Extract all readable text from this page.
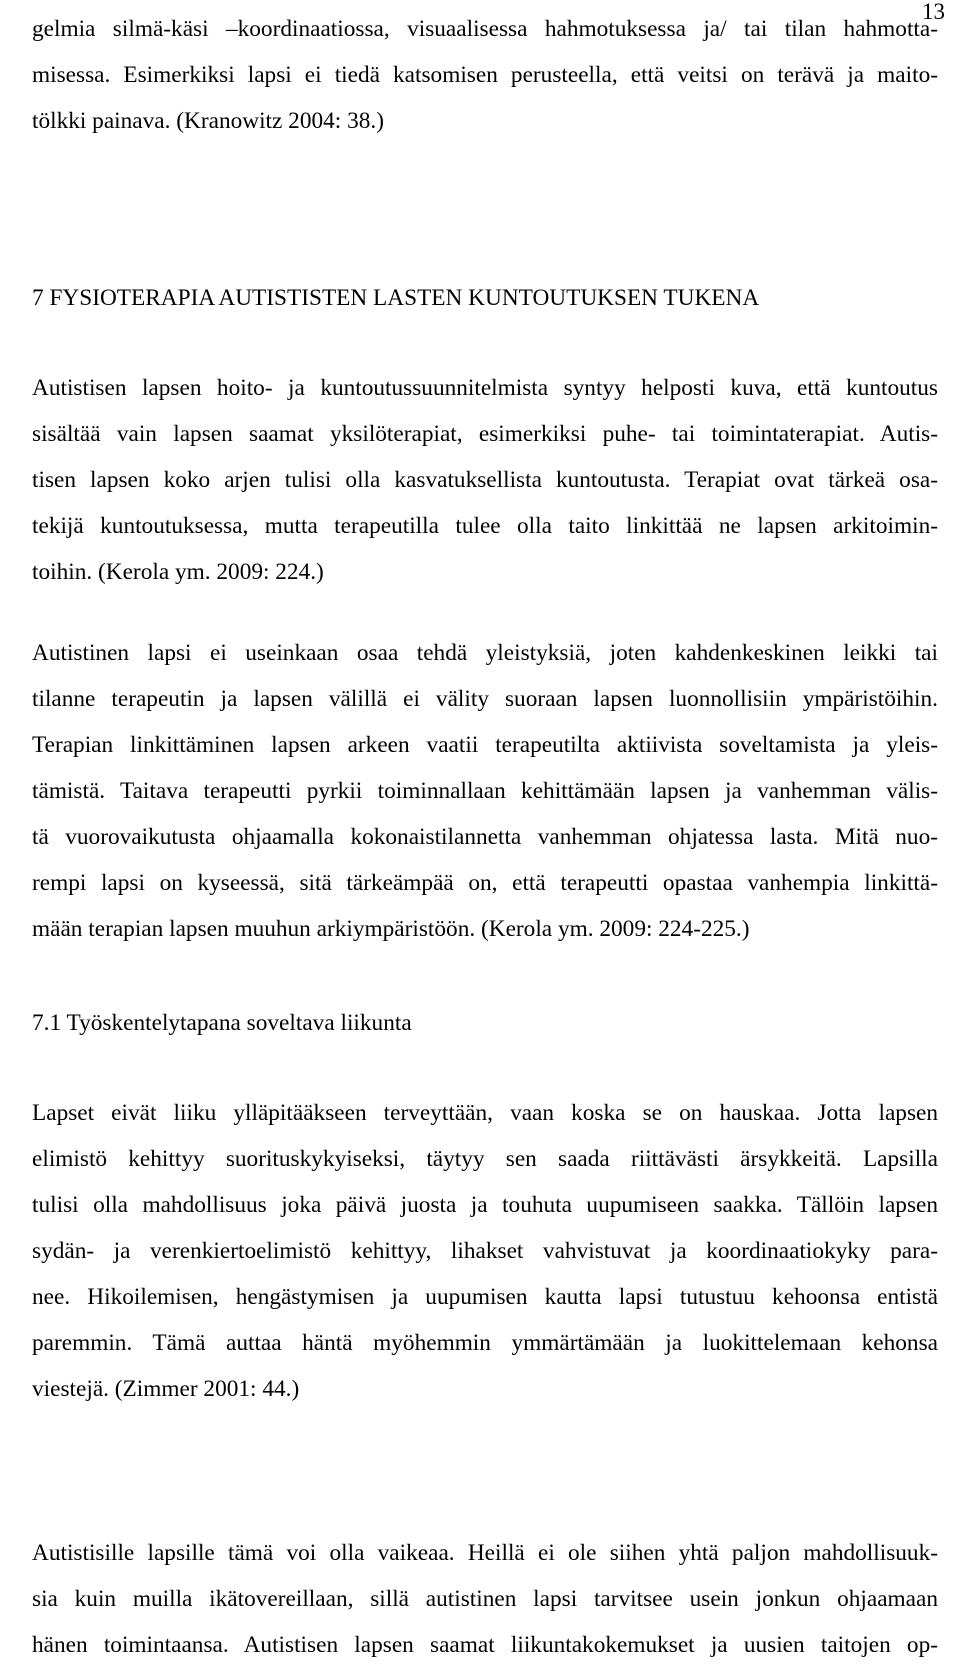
13
gelmia silmä-käsi –koordinaatiossa, visuaalisessa hahmotuksessa ja/ tai tilan hahmotta-
misessa. Esimerkiksi lapsi ei tiedä katsomisen perusteella, että veitsi on terävä ja maito-
tölkki painava. (Kranowitz 2004: 38.)
7 FYSIOTERAPIA AUTISTISTEN LASTEN KUNTOUTUKSEN TUKENA
Autistisen lapsen hoito- ja kuntoutussuunnitelmista syntyy helposti kuva, että kuntoutus
sisältää vain lapsen saamat yksilöterapiat, esimerkiksi puhe- tai toimintaterapiat. Autis-
tisen lapsen koko arjen tulisi olla kasvatuksellista kuntoutusta. Terapiat ovat tärkeä osa-
tekijä kuntoutuksessa, mutta terapeutilla tulee olla taito linkittää ne lapsen arkitoimin-
toihin. (Kerola ym. 2009: 224.)
Autistinen lapsi ei useinkaan osaa tehdä yleistyksiä, joten kahdenkeskinen leikki tai
tilanne terapeutin ja lapsen välillä ei välity suoraan lapsen luonnollisiin ympäristöihin.
Terapian linkittäminen lapsen arkeen vaatii terapeutilta aktiivista soveltamista ja yleis-
tämistä. Taitava terapeutti pyrkii toiminnallaan kehittämään lapsen ja vanhemman välis-
tä vuorovaikutusta ohjaamalla kokonaistilannetta vanhemman ohjatessa lasta. Mitä nuo-
rempi lapsi on kyseessä, sitä tärkeämpää on, että terapeutti opastaa vanhempia linkittä-
mään terapian lapsen muuhun arkiympäristöön. (Kerola ym. 2009: 224-225.)
7.1 Työskentelytapana soveltava liikunta
Lapset eivät liiku ylläpitääkseen terveyttään, vaan koska se on hauskaa. Jotta lapsen
elimistö kehittyy suorituskykyiseksi, täytyy sen saada riittävästi ärsykkeitä. Lapsilla
tulisi olla mahdollisuus joka päivä juosta ja touhuta uupumiseen saakka. Tällöin lapsen
sydän- ja verenkiertoelimistö kehittyy, lihakset vahvistuvat ja koordinaatiokyky para-
nee. Hikoilemisen, hengästymisen ja uupumisen kautta lapsi tutustuu kehoonsa entistä
paremmin. Tämä auttaa häntä myöhemmin ymmärtämään ja luokittelemaan kehonsa
viestejä. (Zimmer 2001: 44.)
Autistisille lapsille tämä voi olla vaikeaa. Heillä ei ole siihen yhtä paljon mahdollisuuk-
sia kuin muilla ikätovereillaan, sillä autistinen lapsi tarvitsee usein jonkun ohjaamaan
hänen toimintaansa. Autistisen lapsen saamat liikuntakokemukset ja uusien taitojen op-
